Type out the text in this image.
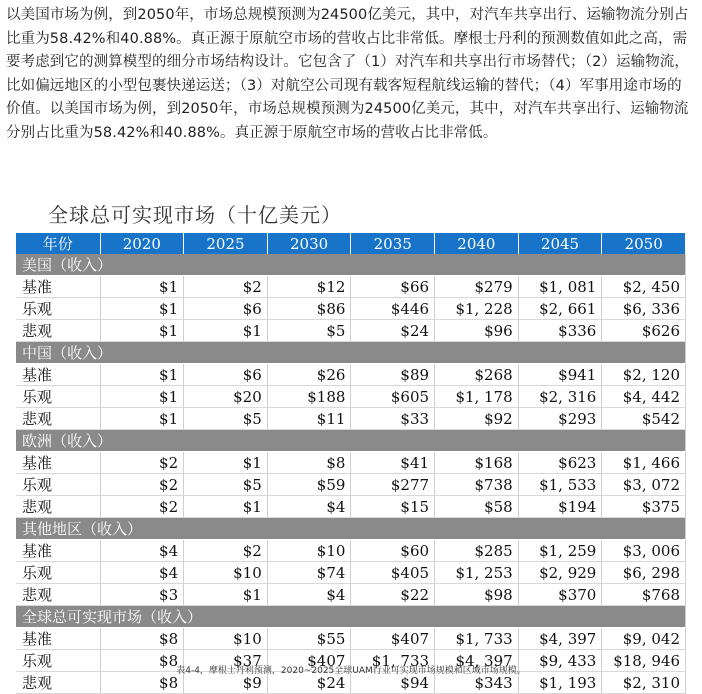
以美国市场为例，到2050年，市场总规模预测为24500亿美元，其中，对汽车共享出行、运输物流分别占比重为58.42%和40.88%。真正源于原航空市场的营收占比非常低。摩根士丹利的预测数值如此之高，需要考虑到它的测算模型的细分市场结构设计。它包含了（1）对汽车和共享出行市场替代；（2）运输物流，比如偏远地区的小型包裹快递运送；（3）对航空公司现有载客短程航线运输的替代；（4）军事用途市场的价值。以美国市场为例，到2050年，市场总规模预测为24500亿美元，其中，对汽车共享出行、运输物流分别占比重为58.42%和40.88%。真正源于原航空市场的营收占比非常低。

全球总可实现市场（十亿美元）
年份	2020	2025	2030	2035	2040	2045	2050
美国（收入）							
基准	$1	$2	$12	$66	$279	$1, 081	$2, 450
乐观	$1	$6	$86	$446	$1, 228	$2, 661	$6, 336
悲观	$1	$1	$5	$24	$96	$336	$626
中国（收入）							
基准	$1	$6	$26	$89	$268	$941	$2, 120
乐观	$1	$20	$188	$605	$1, 178	$2, 316	$4, 442
悲观	$1	$5	$11	$33	$92	$293	$542
欧洲（收入）							
基准	$2	$1	$8	$41	$168	$623	$1, 466
乐观	$2	$5	$59	$277	$738	$1, 533	$3, 072
悲观	$2	$1	$4	$15	$58	$194	$375
其他地区（收入）							
基准	$4	$2	$10	$60	$285	$1, 259	$3, 006
乐观	$4	$10	$74	$405	$1, 253	$2, 929	$6, 298
悲观	$3	$1	$4	$22	$98	$370	$768
全球总可实现市场（收入）							
基准	$8	$10	$55	$407	$1, 733	$4, 397	$9, 042
乐观	$8	$37	$407	$1, 733	$4, 397	$9, 433	$18, 946
悲观	$8	$9	$24	$94	$343	$1, 193	$2, 310
表4-4，摩根士丹利预测，2020~2025全球UAM行业可实现市场规模和区域市场规模。
